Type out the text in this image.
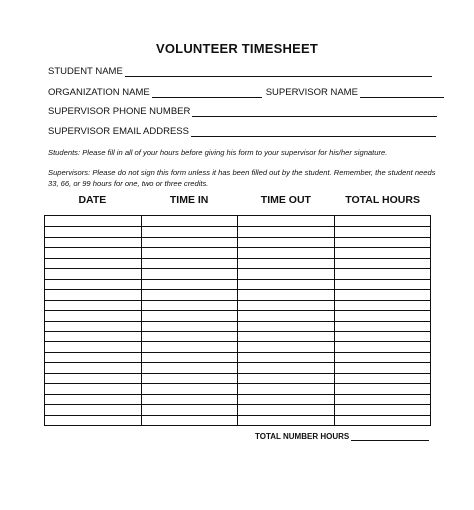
VOLUNTEER TIMESHEET
STUDENT NAME
ORGANIZATION NAME	SUPERVISOR NAME
SUPERVISOR PHONE NUMBER
SUPERVISOR EMAIL ADDRESS
Students: Please fill in all of your hours before giving his form to your supervisor for his/her signature.
Supervisors: Please do not sign this form unless it has been filled out by the student. Remember, the student needs 33, 66, or 99 hours for one, two or three credits.
DATE	TIME IN	TIME OUT	TOTAL HOURS
TOTAL NUMBER HOURS
